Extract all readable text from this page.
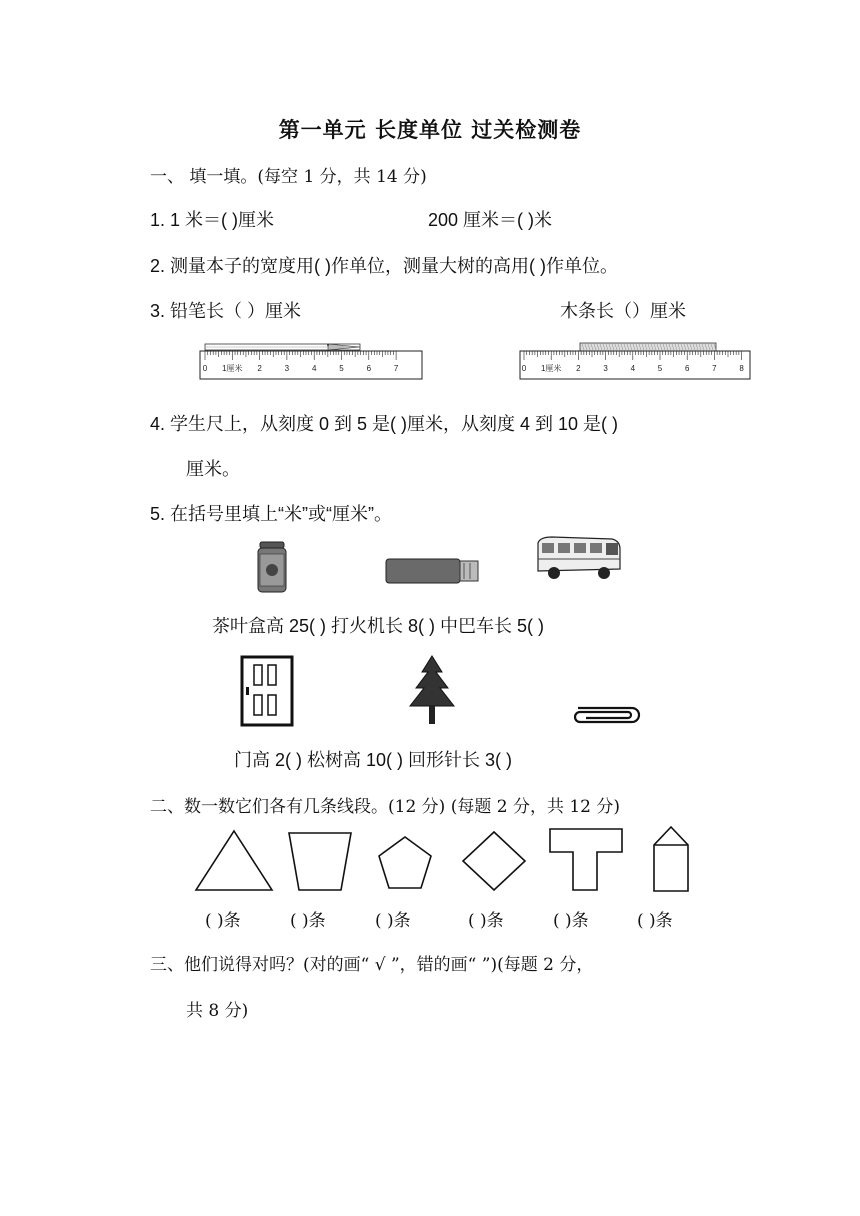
第一单元 长度单位 过关检测卷
一、 填一填。(每空 1 分，共 14 分)
1. 1 米＝( )厘米	200 厘米＝( )米
2. 测量本子的宽度用( )作单位，测量大树的高用( )作单位。
3. 铅笔长（ ）厘米	木条长（）厘米
0 1厘米 2	3	4	5	6	7	0 1厘米 2	3	4	5	6	7	8
4. 学生尺上，从刻度 0 到 5 是( )厘米，从刻度 4 到 10 是( )
厘米。
5. 在括号里填上“米”或“厘米”。
茶叶盒高 25( ) 打火机长 8( ) 中巴车长 5( )
门高 2( ) 松树高 10( ) 回形针长 3( )
二、数一数它们各有几条线段。(12 分) (每题 2 分，共 12 分)
( )条	( )条	( )条	( )条	( )条	( )条
三、他们说得对吗？(对的画“ √ ”，错的画“ ”)(每题 2 分，
共 8 分)
